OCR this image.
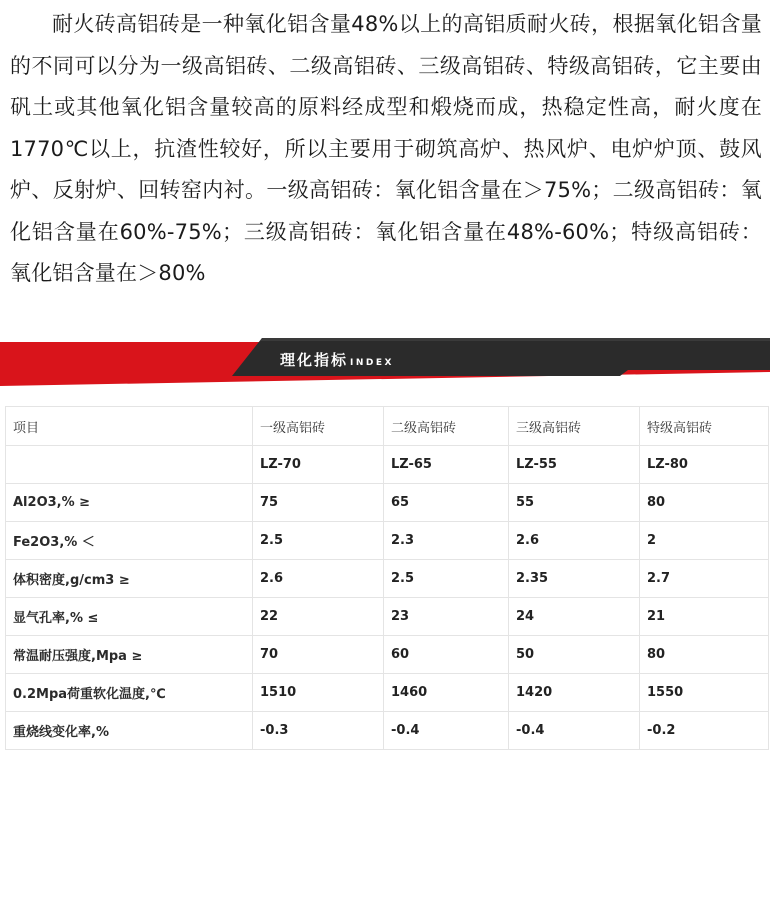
耐火砖高铝砖是一种氧化铝含量48%以上的高铝质耐火砖，根据氧化铝含量的不同可以分为一级高铝砖、二级高铝砖、三级高铝砖、特级高铝砖，它主要由矾土或其他氧化铝含量较高的原料经成型和煅烧而成，热稳定性高，耐火度在1770℃以上，抗渣性较好，所以主要用于砌筑高炉、热风炉、电炉炉顶、鼓风炉、反射炉、回转窑内衬。一级高铝砖：氧化铝含量在＞75%；二级高铝砖：氧化铝含量在60%-75%；三级高铝砖：氧化铝含量在48%-60%；特级高铝砖：氧化铝含量在＞80%

理化指标 INDEX
项目	一级高铝砖	二级高铝砖	三级高铝砖	特级高铝砖
	LZ-70	LZ-65	LZ-55	LZ-80
Al2O3,% ≥	75	65	55	80
Fe2O3,% ＜	2.5	2.3	2.6	2
体积密度,g/cm3 ≥	2.6	2.5	2.35	2.7
显气孔率,% ≤	22	23	24	21
常温耐压强度,Mpa ≥	70	60	50	80
0.2Mpa荷重软化温度,℃	1510	1460	1420	1550
重烧线变化率,%	-0.3	-0.4	-0.4	-0.2
